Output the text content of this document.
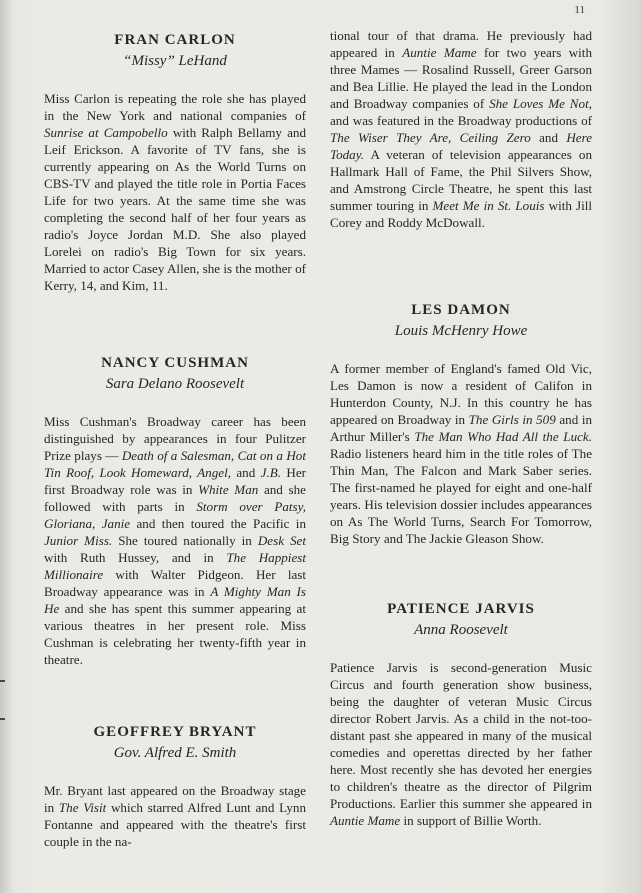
11
FRAN CARLON

“Missy” LeHand

Miss Carlon is repeating the role she has played in the New York and national companies of Sunrise at Campobello with Ralph Bellamy and Leif Erickson. A favorite of TV fans, she is currently appearing on As the World Turns on CBS-TV and played the title role in Portia Faces Life for two years. At the same time she was completing the second half of her four years as radio's Joyce Jordan M.D. She also played Lorelei on radio's Big Town for six years. Married to actor Casey Allen, she is the mother of Kerry, 14, and Kim, 11.

NANCY CUSHMAN

Sara Delano Roosevelt

Miss Cushman's Broadway career has been distinguished by appearances in four Pulitzer Prize plays — Death of a Salesman, Cat on a Hot Tin Roof, Look Homeward, Angel, and J.B. Her first Broadway role was in White Man and she followed with parts in Storm over Patsy, Gloriana, Janie and then toured the Pacific in Junior Miss. She toured nationally in Desk Set with Ruth Hussey, and in The Happiest Millionaire with Walter Pidgeon. Her last Broadway appearance was in A Mighty Man Is He and she has spent this summer appearing at various theatres in her present role. Miss Cushman is celebrating her twenty-fifth year in theatre.

GEOFFREY BRYANT

Gov. Alfred E. Smith

Mr. Bryant last appeared on the Broadway stage in The Visit which starred Alfred Lunt and Lynn Fontanne and appeared with the theatre's first couple in the na-

tional tour of that drama. He previously had appeared in Auntie Mame for two years with three Mames — Rosalind Russell, Greer Garson and Bea Lillie. He played the lead in the London and Broadway companies of She Loves Me Not, and was featured in the Broadway productions of The Wiser They Are, Ceiling Zero and Here Today. A veteran of television appearances on Hallmark Hall of Fame, the Phil Silvers Show, and Amstrong Circle Theatre, he spent this last summer touring in Meet Me in St. Louis with Jill Corey and Roddy McDowall.

LES DAMON

Louis McHenry Howe

A former member of England's famed Old Vic, Les Damon is now a resident of Califon in Hunterdon County, N.J. In this country he has appeared on Broadway in The Girls in 509 and in Arthur Miller's The Man Who Had All the Luck. Radio listeners heard him in the title roles of The Thin Man, The Falcon and Mark Saber series. The first-named he played for eight and one-half years. His television dossier includes appearances on As The World Turns, Search For Tomorrow, Big Story and The Jackie Gleason Show.

PATIENCE JARVIS

Anna Roosevelt

Patience Jarvis is second-generation Music Circus and fourth generation show business, being the daughter of veteran Music Circus director Robert Jarvis. As a child in the not-too-distant past she appeared in many of the musical comedies and operettas directed by her father here. Most recently she has devoted her energies to children's theatre as the director of Pilgrim Productions. Earlier this summer she appeared in Auntie Mame in support of Billie Worth.
